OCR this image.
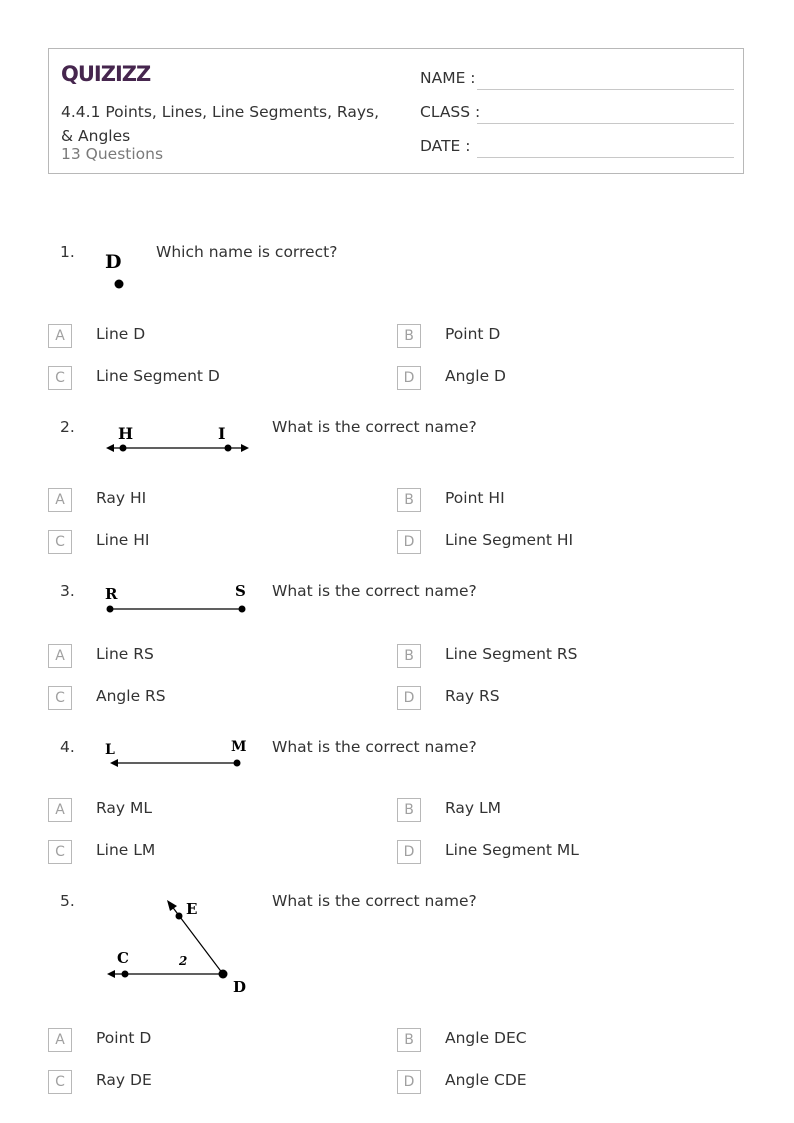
QUIZIZZ
4.4.1 Points, Lines, Line Segments, Rays, & Angles
13 Questions
NAME :
CLASS :
DATE :
1. D Which name is correct?
A	Line D	B	Point D
C	Line Segment D	D	Angle D
2.	H	I	What is the correct name?
A	Ray HI	B	Point HI
C	Line HI	D	Line Segment HI
3. R	S What is the correct name?
A	Line RS	B	Line Segment RS
C	Angle RS	D	Ray RS
4. L	M What is the correct name?
A	Ray ML	B	Ray LM
C	Line LM	D	Line Segment ML
5.	E
C	2
D
What is the correct name?
A	Point D	B	Angle DEC
C	Ray DE	D	Angle CDE
